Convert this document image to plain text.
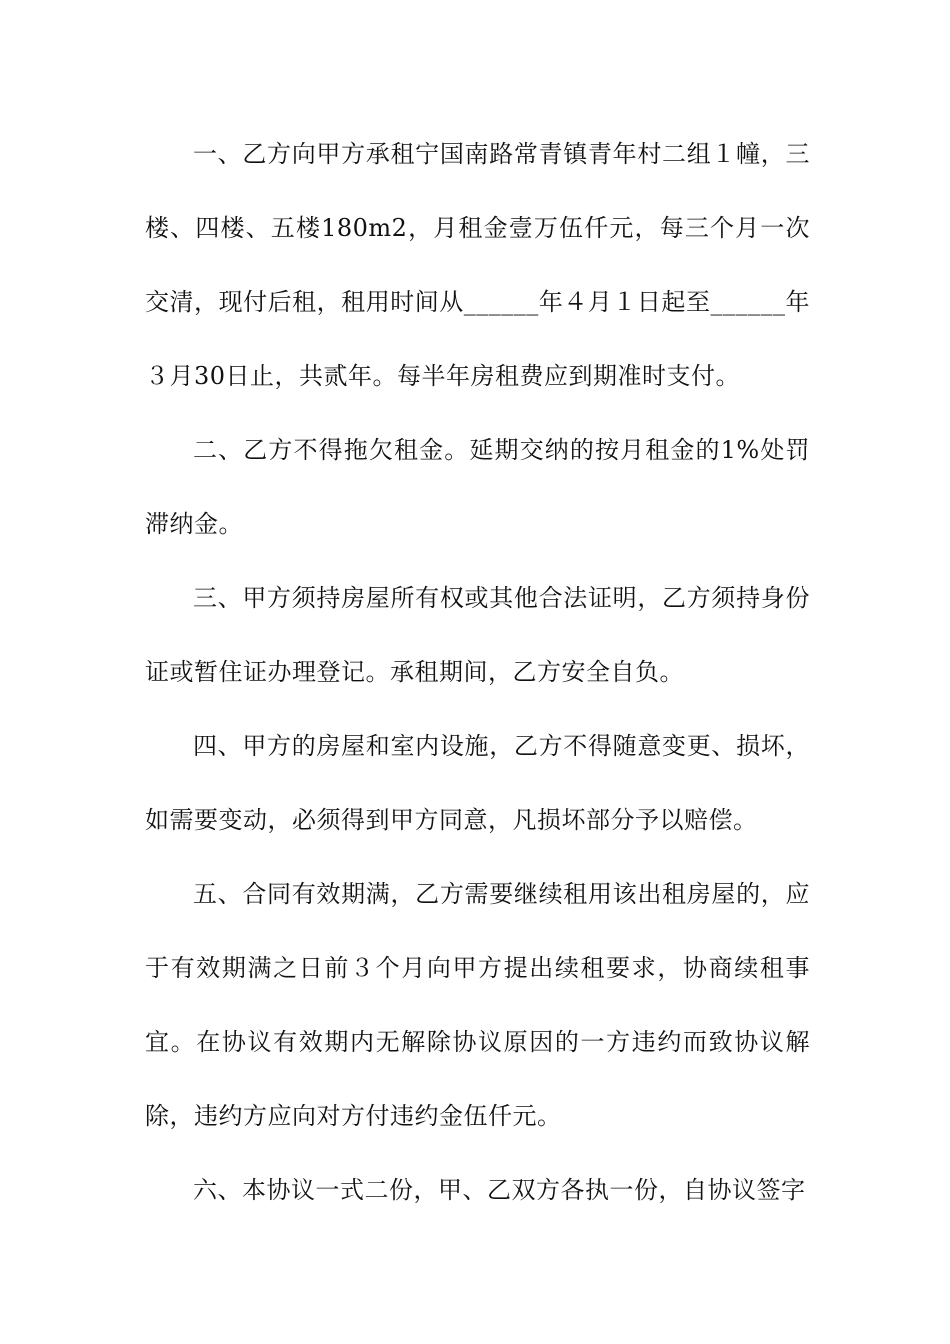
一、乙方向甲方承租宁国南路常青镇青年村二组１幢，三楼、四楼、五楼180m2，月租金壹万伍仟元，每三个月一次交清，现付后租，租用时间从______年４月１日起至______年３月30日止，共贰年。每半年房租费应到期准时支付。

二、乙方不得拖欠租金。延期交纳的按月租金的1%处罚滞纳金。

三、甲方须持房屋所有权或其他合法证明，乙方须持身份证或暂住证办理登记。承租期间，乙方安全自负。

四、甲方的房屋和室内设施，乙方不得随意变更、损坏，如需要变动，必须得到甲方同意，凡损坏部分予以赔偿。

五、合同有效期满，乙方需要继续租用该出租房屋的，应于有效期满之日前３个月向甲方提出续租要求，协商续租事宜。在协议有效期内无解除协议原因的一方违约而致协议解除，违约方应向对方付违约金伍仟元。

六、本协议一式二份，甲、乙双方各执一份，自协议签字
